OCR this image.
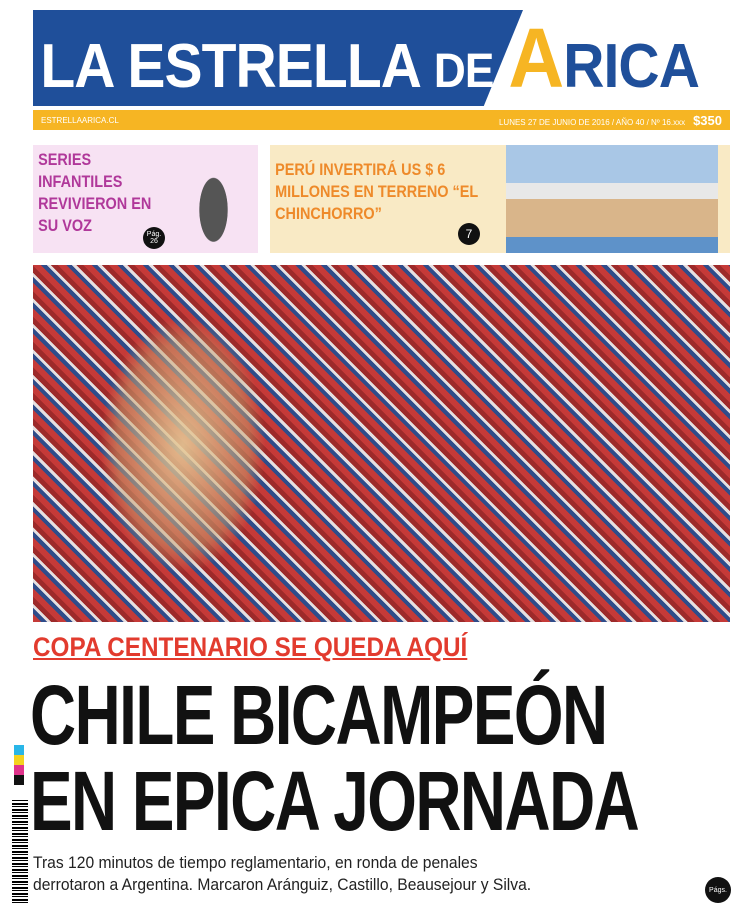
LA ESTRELLA DE ARICA
ESTRELLAARICA.CL	LUNES 27 DE JUNIO DE 2016 / AÑO 40 / Nº 16.xxx $350
SERIES INFANTILES REVIVIERON EN SU VOZ	Pág. 26
PERÚ INVERTIRÁ US $ 6 MILLONES EN TERRENO “EL CHINCHORRO”
7
COPA CENTENARIO SE QUEDA AQUÍ
CHILE BICAMPEÓN
EN EPICA JORNADA
Tras 120 minutos de tiempo reglamentario, en ronda de penales
derrotaron a Argentina. Marcaron Aránguiz, Castillo, Beausejour y Silva.	Págs.
